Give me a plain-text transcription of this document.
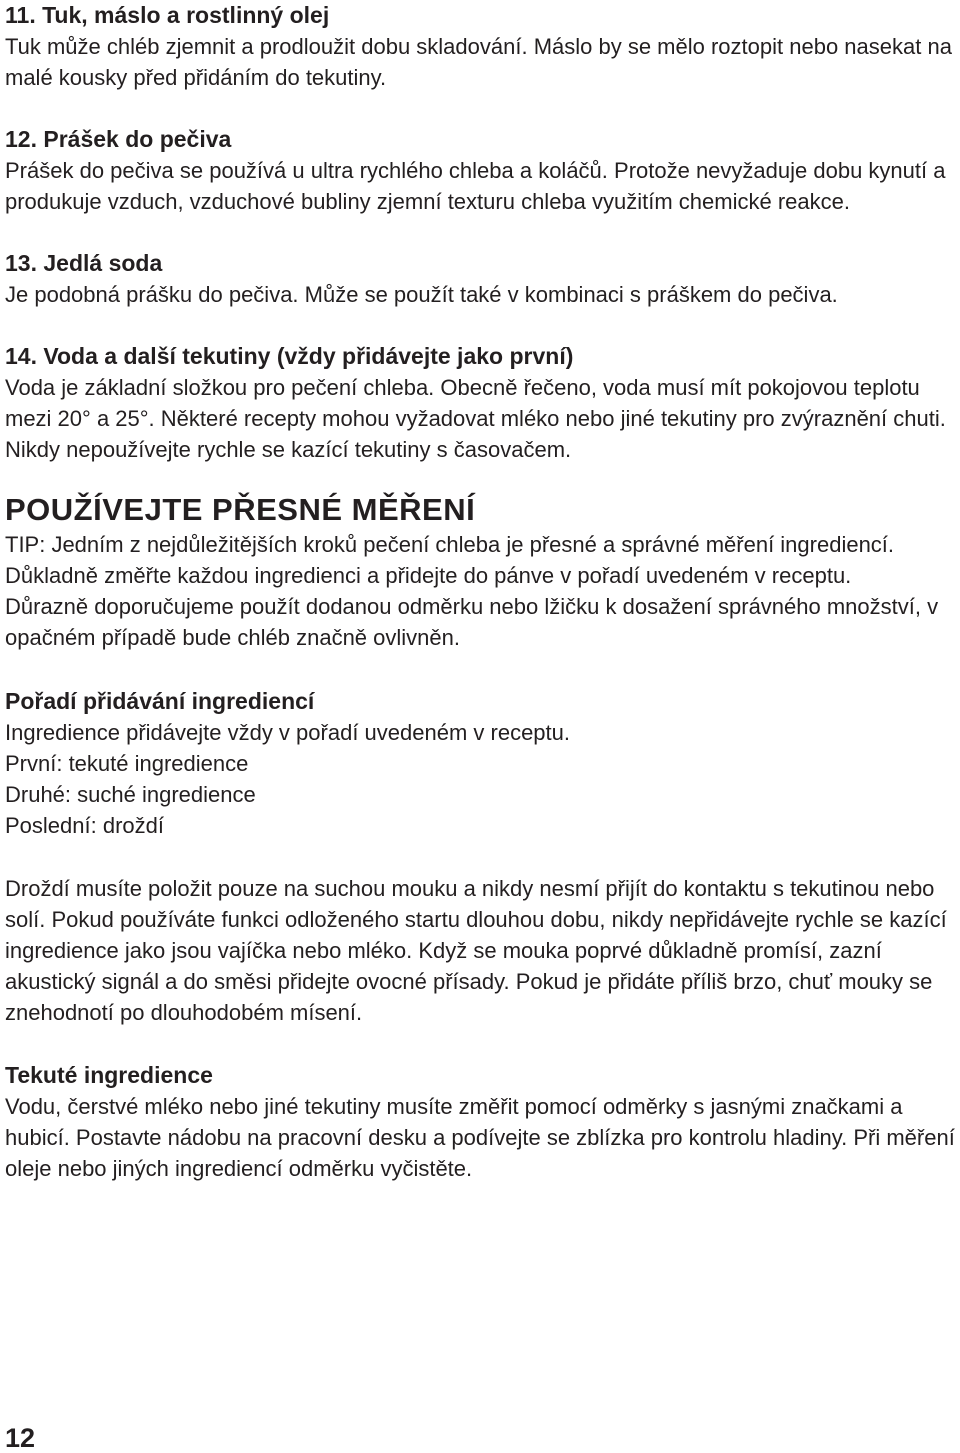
11. Tuk, máslo a rostlinný olej

Tuk může chléb zjemnit a prodloužit dobu skladování. Máslo by se mělo roztopit nebo nasekat na malé kousky před přidáním do tekutiny.

12. Prášek do pečiva

Prášek do pečiva se používá u ultra rychlého chleba a koláčů. Protože nevyžaduje dobu kynutí a produkuje vzduch, vzduchové bubliny zjemní texturu chleba využitím chemické reakce.

13. Jedlá soda

Je podobná prášku do pečiva. Může se použít také v kombinaci s práškem do pečiva.

14. Voda a další tekutiny (vždy přidávejte jako první)

Voda je základní složkou pro pečení chleba. Obecně řečeno, voda musí mít pokojovou teplotu mezi 20° a 25°. Některé recepty mohou vyžadovat mléko nebo jiné tekutiny pro zvýraznění chuti. Nikdy nepoužívejte rychle se kazící tekutiny s časovačem.

POUŽÍVEJTE PŘESNÉ MĚŘENÍ

TIP: Jedním z nejdůležitějších kroků pečení chleba je přesné a správné měření ingrediencí. Důkladně změřte každou ingredienci a přidejte do pánve v pořadí uvedeném v receptu.

Důrazně doporučujeme použít dodanou odměrku nebo lžičku k dosažení správného množství, v opačném případě bude chléb značně ovlivněn.

Pořadí přidávání ingrediencí

Ingredience přidávejte vždy v pořadí uvedeném v receptu.

První: tekuté ingredience

Druhé: suché ingredience

Poslední: droždí

Droždí musíte položit pouze na suchou mouku a nikdy nesmí přijít do kontaktu s tekutinou nebo solí. Pokud používáte funkci odloženého startu dlouhou dobu, nikdy nepřidávejte rychle se kazící ingredience jako jsou vajíčka nebo mléko. Když se mouka poprvé důkladně promísí, zazní akustický signál a do směsi přidejte ovocné přísady. Pokud je přidáte příliš brzo, chuť mouky se znehodnotí po dlouhodobém mísení.

Tekuté ingredience

Vodu, čerstvé mléko nebo jiné tekutiny musíte změřit pomocí odměrky s jasnými značkami a hubicí. Postavte nádobu na pracovní desku a podívejte se zblízka pro kontrolu hladiny. Při měření oleje nebo jiných ingrediencí odměrku vyčistěte.

12
